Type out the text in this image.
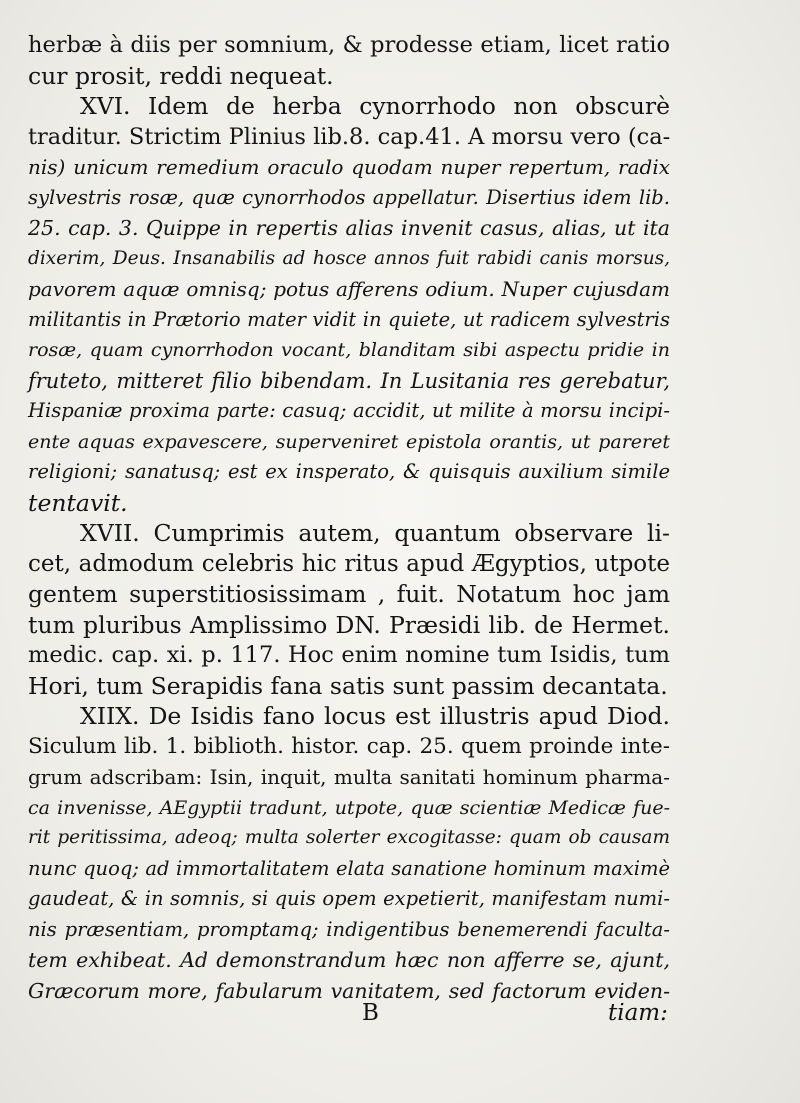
herbæ à diis per somnium, & prodesse etiam, licet ratio
cur prosit, reddi nequeat.
XVI. Idem de herba cynorrhodo non obscurè
traditur. Strictim Plinius lib.8. cap.41. A morsu vero (ca-
nis) unicum remedium oraculo quodam nuper repertum, radix
sylvestris rosæ, quæ cynorrhodos appellatur. Disertius idem lib.
25. cap. 3. Quippe in repertis alias invenit casus, alias, ut ita
dixerim, Deus. Insanabilis ad hosce annos fuit rabidi canis morsus,
pavorem aquæ omnisq; potus afferens odium. Nuper cujusdam
militantis in Prætorio mater vidit in quiete, ut radicem sylvestris
rosæ, quam cynorrhodon vocant, blanditam sibi aspectu pridie in
fruteto, mitteret filio bibendam. In Lusitania res gerebatur,
Hispaniæ proxima parte: casuq; accidit, ut milite à morsu incipi-
ente aquas expavescere, superveniret epistola orantis, ut pareret
religioni; sanatusq; est ex insperato, & quisquis auxilium simile
tentavit.
XVII. Cumprimis autem, quantum observare li-
cet, admodum celebris hic ritus apud Ægyptios, utpote
gentem superstitiosissimam , fuit. Notatum hoc jam
tum pluribus Amplissimo DN. Præsidi lib. de Hermet.
medic. cap. xi. p. 117. Hoc enim nomine tum Isidis, tum
Hori, tum Serapidis fana satis sunt passim decantata.
XIIX. De Isidis fano locus est illustris apud Diod.
Siculum lib. 1. biblioth. histor. cap. 25. quem proinde inte-
grum adscribam: Isin, inquit, multa sanitati hominum pharma-
ca invenisse, AEgyptii tradunt, utpote, quæ scientiæ Medicæ fue-
rit peritissima, adeoq; multa solerter excogitasse: quam ob causam
nunc quoq; ad immortalitatem elata sanatione hominum maximè
gaudeat, & in somnis, si quis opem expetierit, manifestam numi-
nis præsentiam, promptamq; indigentibus benemerendi faculta-
tem exhibeat. Ad demonstrandum hæc non afferre se, ajunt,
Græcorum more, fabularum vanitatem, sed factorum eviden-
B	tiam:
